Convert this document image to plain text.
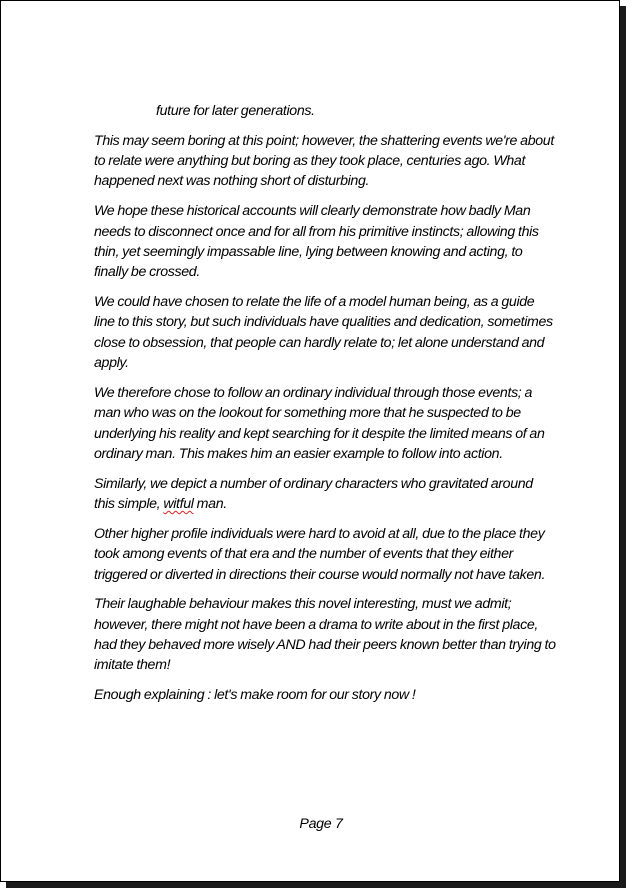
future for later generations.

This may seem boring at this point; however, the shattering events we're about to relate were anything but boring as they took place, centuries ago. What happened next was nothing short of disturbing.

We hope these historical accounts will clearly demonstrate how badly Man needs to disconnect once and for all from his primitive instincts; allowing this thin, yet seemingly impassable line, lying between knowing and acting, to finally be crossed.

We could have chosen to relate the life of a model human being, as a guide line to this story, but such individuals have qualities and dedication, sometimes close to obsession, that people can hardly relate to; let alone understand and apply.

We therefore chose to follow an ordinary individual through those events; a man who was on the lookout for something more that he suspected to be underlying his reality and kept searching for it despite the limited means of an ordinary man. This makes him an easier example to follow into action.

Similarly, we depict a number of ordinary characters who gravitated around this simple, witful man.

Other higher profile individuals were hard to avoid at all, due to the place they took among events of that era and the number of events that they either triggered or diverted in directions their course would normally not have taken.

Their laughable behaviour makes this novel interesting, must we admit; however, there might not have been a drama to write about in the first place, had they behaved more wisely AND had their peers known better than trying to imitate them!

Enough explaining : let's make room for our story now !

Page 7
